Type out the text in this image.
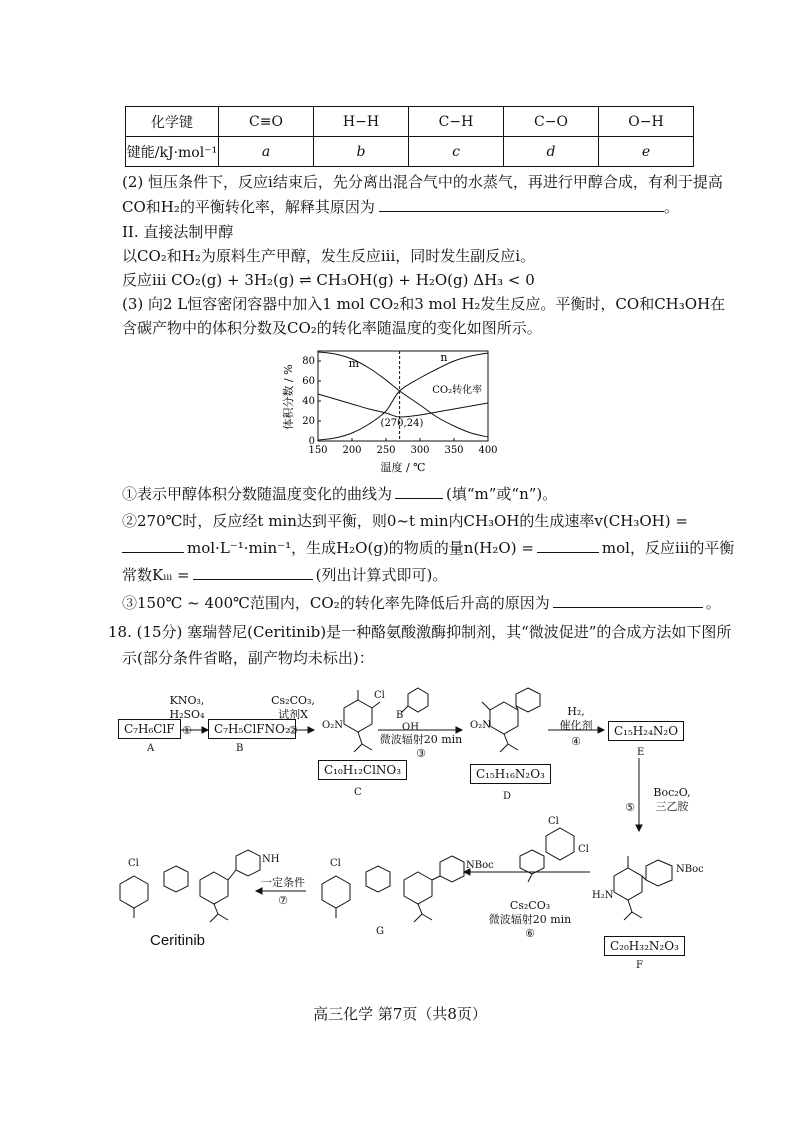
化学键	C≡O	H−H	C−H	C−O	O−H
键能/kJ·mol⁻¹	a	b	c	d	e
(2) 恒压条件下，反应i结束后，先分离出混合气中的水蒸气，再进行甲醇合成，有利于提高
CO和H₂的平衡转化率，解释其原因为	。
II. 直接法制甲醇
以CO₂和H₂为原料生产甲醇，发生反应iii，同时发生副反应i。
反应iii CO₂(g) + 3H₂(g) ⇌ CH₃OH(g) + H₂O(g) ΔH₃ < 0
(3) 向2 L恒容密闭容器中加入1 mol CO₂和3 mol H₂发生反应。平衡时，CO和CH₃OH在
含碳产物中的体积分数及CO₂的转化率随温度的变化如图所示。
150 200 250 300 350 400
0
20
40
60
80	m	n
CO₂转化率
(270,24)
体积分数 / %
温度 / ℃
①表示甲醇体积分数随温度变化的曲线为	(填“m”或“n”)。
②270℃时，反应经t min达到平衡，则0~t min内CH₃OH的生成速率v(CH₃OH) =
mol·L⁻¹·min⁻¹，生成H₂O(g)的物质的量n(H₂O) =	mol，反应iii的平衡
常数Kᵢᵢᵢ =	(列出计算式即可)。
③150℃ ~ 400℃范围内，CO₂的转化率先降低后升高的原因为	。
18. (15分) 塞瑞替尼(Ceritinib)是一种酪氨酸激酶抑制剂，其“微波促进”的合成方法如下图所
示(部分条件省略，副产物均未标出)：
Cl
O₂N
B
OH	O₂N
Cl
Cl
NBoc
H₂N
NBoc
Cl
NH
Cl
C₇H₆ClF
A
C₇H₅ClFNO₂
B
C₁₀H₁₂ClNO₃
C
C₁₅H₁₆N₂O₃
D
C₁₅H₂₄N₂O
E
C₂₀H₃₂N₂O₃
F
G
Ceritinib
KNO₃,
H₂SO₄
①
Cs₂CO₃,
试剂X
②
微波辐射20 min
③
H₂,
催化剂
④
Boc₂O,
三乙胺
⑤
Cs₂CO₃
微波辐射20 min
⑥
一定条件
⑦
高三化学 第7页（共8页）
